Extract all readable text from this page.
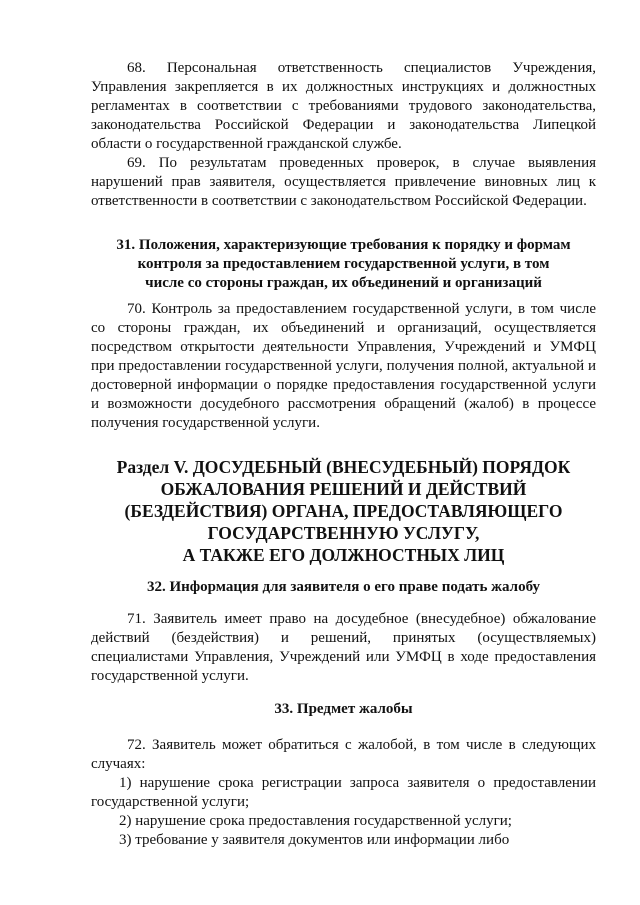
68. Персональная ответственность специалистов Учреждения, Управления закрепляется в их должностных инструкциях и должностных регламентах в соответствии с требованиями трудового законодательства, законодательства Российской Федерации и законодательства Липецкой области о государственной гражданской службе.

69. По результатам проведенных проверок, в случае выявления нарушений прав заявителя, осуществляется привлечение виновных лиц к ответственности в соответствии с законодательством Российской Федерации.

31. Положения, характеризующие требования к порядку и формам

контроля за предоставлением государственной услуги, в том

числе со стороны граждан, их объединений и организаций

70. Контроль за предоставлением государственной услуги, в том числе со стороны граждан, их объединений и организаций, осуществляется посредством открытости деятельности Управления, Учреждений и УМФЦ при предоставлении государственной услуги, получения полной, актуальной и достоверной информации о порядке предоставления государственной услуги и возможности досудебного рассмотрения обращений (жалоб) в процессе получения государственной услуги.

Раздел V. ДОСУДЕБНЫЙ (ВНЕСУДЕБНЫЙ) ПОРЯДОК

ОБЖАЛОВАНИЯ РЕШЕНИЙ И ДЕЙСТВИЙ

(БЕЗДЕЙСТВИЯ) ОРГАНА, ПРЕДОСТАВЛЯЮЩЕГО

ГОСУДАРСТВЕННУЮ УСЛУГУ,

А ТАКЖЕ ЕГО ДОЛЖНОСТНЫХ ЛИЦ

32. Информация для заявителя о его праве подать жалобу

71. Заявитель имеет право на досудебное (внесудебное) обжалование действий (бездействия) и решений, принятых (осуществляемых) специалистами Управления, Учреждений или УМФЦ в ходе предоставления государственной услуги.

33. Предмет жалобы

72. Заявитель может обратиться с жалобой, в том числе в следующих случаях:

1) нарушение срока регистрации запроса заявителя о предоставлении государственной услуги;

2) нарушение срока предоставления государственной услуги;

3) требование у заявителя документов или информации либо
